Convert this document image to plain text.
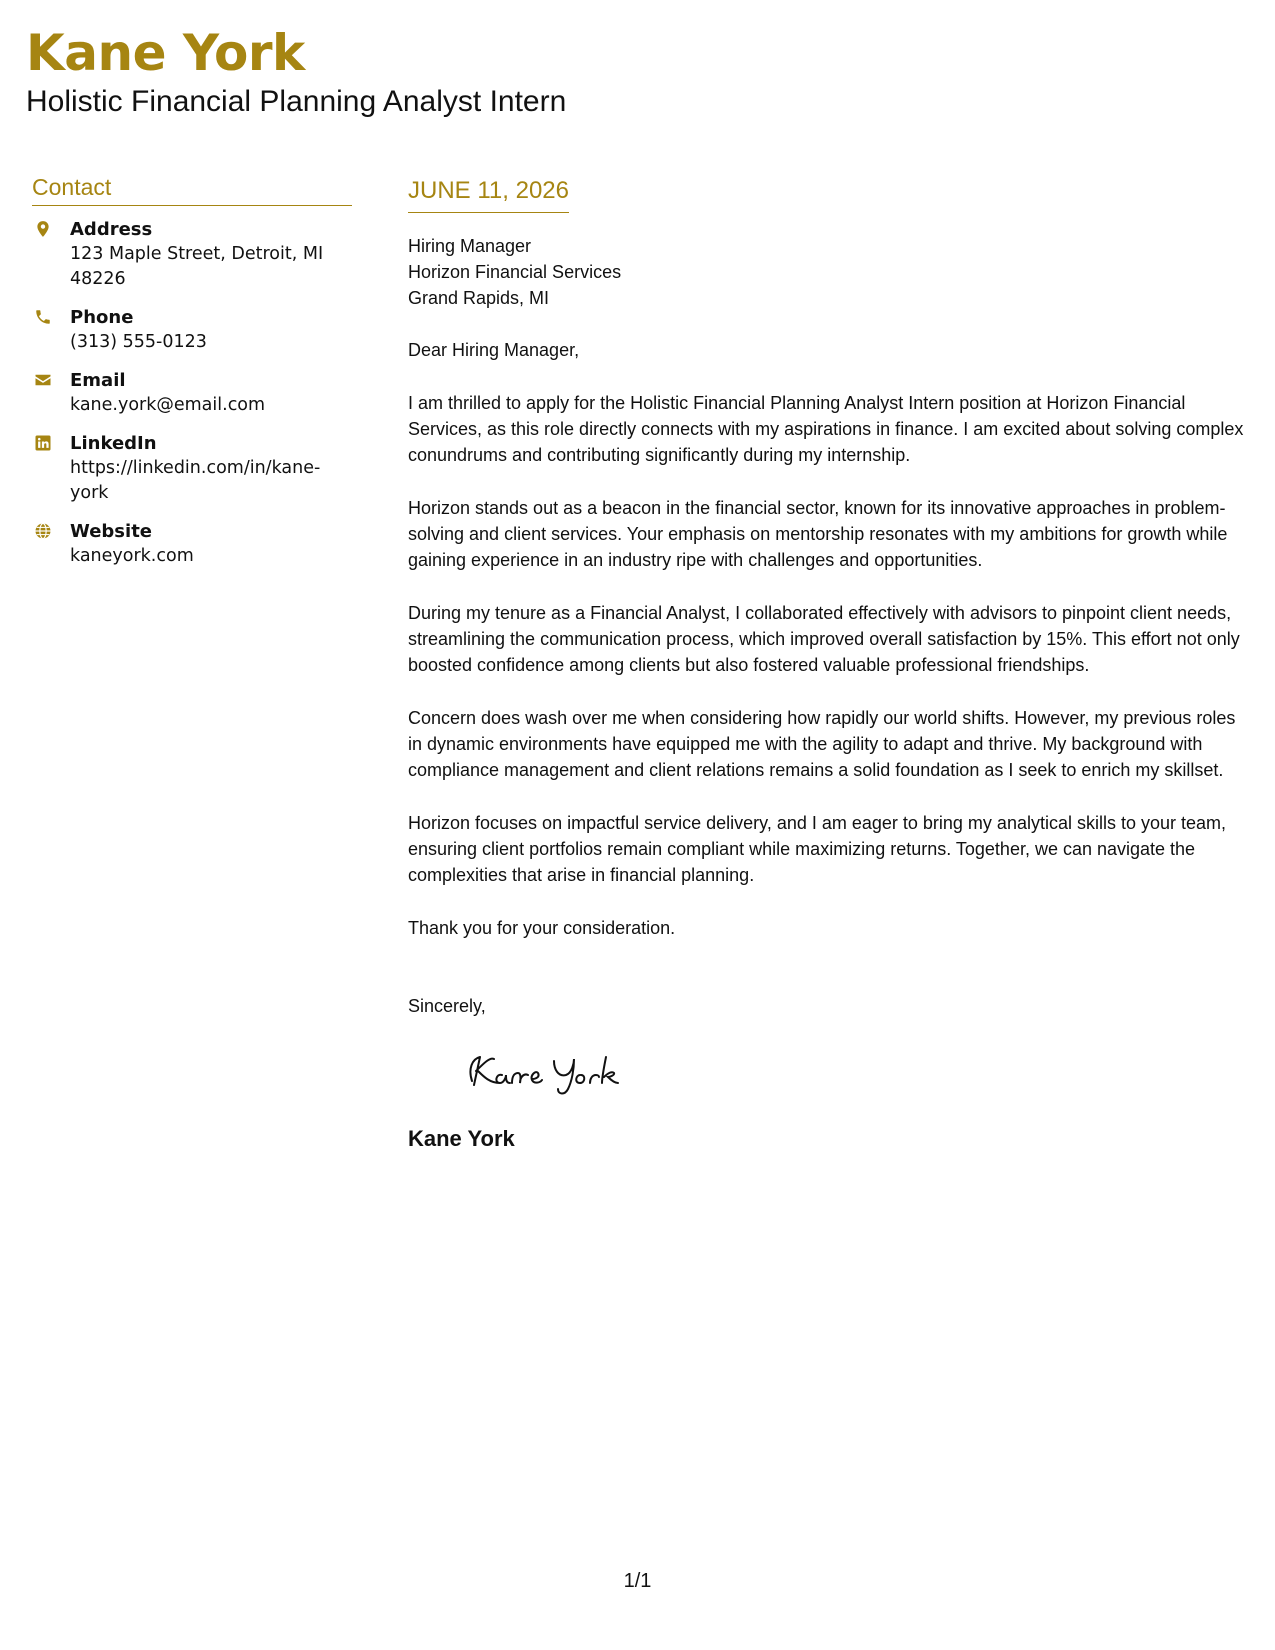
Kane York
Holistic Financial Planning Analyst Intern
Contact
Address
123 Maple Street, Detroit, MI 48226
Phone
(313) 555-0123
Email
kane.york@email.com
LinkedIn
https://linkedin.com/in/kane-york
Website
kaneyork.com
JUNE 11, 2026
Hiring Manager
Horizon Financial Services
Grand Rapids, MI

Dear Hiring Manager,

I am thrilled to apply for the Holistic Financial Planning Analyst Intern position at Horizon Financial Services, as this role directly connects with my aspirations in finance. I am excited about solving complex conundrums and contributing significantly during my internship.

Horizon stands out as a beacon in the financial sector, known for its innovative approaches in problem-solving and client services. Your emphasis on mentorship resonates with my ambitions for growth while gaining experience in an industry ripe with challenges and opportunities.

During my tenure as a Financial Analyst, I collaborated effectively with advisors to pinpoint client needs, streamlining the communication process, which improved overall satisfaction by 15%. This effort not only boosted confidence among clients but also fostered valuable professional friendships.

Concern does wash over me when considering how rapidly our world shifts. However, my previous roles in dynamic environments have equipped me with the agility to adapt and thrive. My background with compliance management and client relations remains a solid foundation as I seek to enrich my skillset.

Horizon focuses on impactful service delivery, and I am eager to bring my analytical skills to your team, ensuring client portfolios remain compliant while maximizing returns. Together, we can navigate the complexities that arise in financial planning.

Thank you for your consideration.

Sincerely,
Kane York
1/1
